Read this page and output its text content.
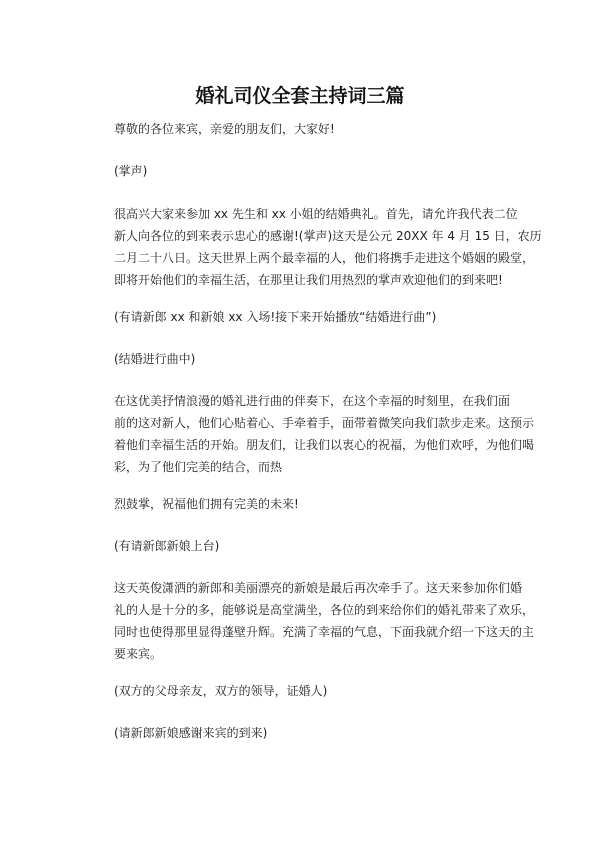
婚礼司仪全套主持词三篇

尊敬的各位来宾，亲爱的朋友们，大家好!

(掌声)

很高兴大家来参加 xx 先生和 xx 小姐的结婚典礼。首先，请允许我代表二位
新人向各位的到来表示忠心的感谢!(掌声)这天是公元 20XX 年 4 月 15 日，农历
二月二十八日。这天世界上两个最幸福的人，他们将携手走进这个婚姻的殿堂，
即将开始他们的幸福生活，在那里让我们用热烈的掌声欢迎他们的到来吧!

(有请新郎 xx 和新娘 xx 入场!接下来开始播放“结婚进行曲”)

(结婚进行曲中)

在这优美抒情浪漫的婚礼进行曲的伴奏下，在这个幸福的时刻里，在我们面
前的这对新人，他们心贴着心、手牵着手，面带着微笑向我们款步走来。这预示
着他们幸福生活的开始。朋友们，让我们以衷心的祝福，为他们欢呼，为他们喝
彩，为了他们完美的结合，而热

烈鼓掌，祝福他们拥有完美的未来!

(有请新郎新娘上台)

这天英俊潇洒的新郎和美丽漂亮的新娘是最后再次牵手了。这天来参加你们婚
礼的人是十分的多，能够说是高堂满坐，各位的到来给你们的婚礼带来了欢乐，
同时也使得那里显得蓬壁升辉。充满了幸福的气息，下面我就介绍一下这天的主
要来宾。

(双方的父母亲友，双方的领导，证婚人)

(请新郎新娘感谢来宾的到来)
